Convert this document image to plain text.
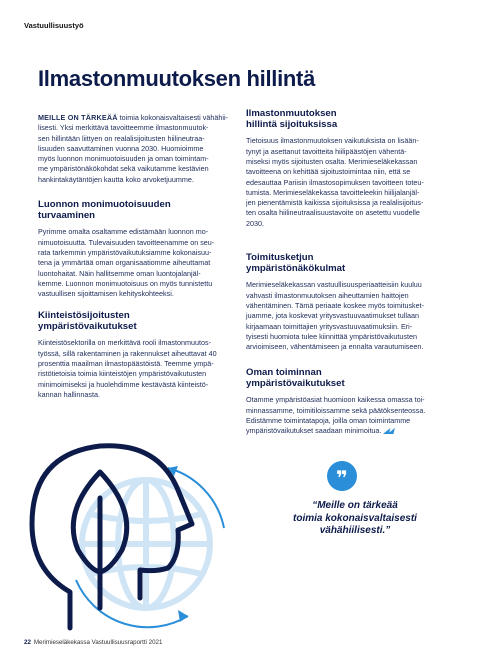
Vastuullisuustyö
Ilmastonmuutoksen hillintä

MEILLE ON TÄRKEÄÄ toimia kokonaisvaltaisesti vähähii-
lisesti. Yksi merkittävä tavoitteemme ilmastonmuutok-
sen hillintään liittyen on realalisijoitusten hiilineutraa-
lisuuden saavuttaminen vuonna 2030. Huomioimme
myös luonnon monimuotoisuuden ja oman toimintam-
me ympäristönäkökohdat sekä vaikutamme kestävien
hankintakäytäntöjen kautta koko arvoketjuumme.

Luonnon monimuotoisuuden
turvaaminen

Pyrimme omalta osaltamme edistämään luonnon mo-
nimuotoisuutta. Tulevaisuuden tavoitteenamme on seu-
rata tarkemmin ympäristövaikutuksiamme kokonaisuu-
tena ja ymmärtää oman organisaatiomme aiheuttamat
luontohaitat. Näin hallitsemme oman luontojalanjäl-
kemme. Luonnon monimuotoisuus on myös tunnistettu
vastuullisen sijoittamisen kehityskohteeksi.

Kiinteistösijoitusten
ympäristövaikutukset

Kiinteistösektorilla on merkittävä rooli ilmastonmuutos-
työssä, sillä rakentaminen ja rakennukset aiheuttavat 40
prosenttia maailman ilmastopäästöistä. Teemme ympä-
ristötietoisia toimia kiinteistöjen ympäristövaikutusten
minimoimiseksi ja huolehdimme kestävästä kiinteistö-
kannan hallinnasta.

Ilmastonmuutoksen
hillintä sijoituksissa

Tietoisuus ilmastonmuutoksen vaikutuksista on lisään-
tynyt ja asettanut tavoitteita hiilipäästöjen vähentä-
miseksi myös sijoitusten osalta. Merimieseläkekassan
tavoitteena on kehittää sijoitustoimintaa niin, että se
edesauttaa Pariisin ilmastosopimuksen tavoitteen toteu-
tumista. Merimieseläkekassa tavoitteleekin hiilijalanjäl-
jen pienentämistä kaikissa sijoituksissa ja realalisijoitus-
ten osalta hiilineutraalisuustavoite on asetettu vuodelle
2030.

Toimitusketjun
ympäristönäkökulmat

Merimieseläkekassan vastuullisuusperiaatteisiin kuuluu
vahvasti ilmastonmuutoksen aiheuttamien haittojen
vähentäminen. Tämä periaate koskee myös toimitusket-
juamme, jota koskevat yritysvastuuvaatimukset tullaan
kirjaamaan toimittajien yritysvastuuvaatimuksiin. Eri-
tyisesti huomiota tulee kiinnittää ympäristövaikutusten
arvioimiseen, vähentämiseen ja ennalta varautumiseen.

Oman toiminnan
ympäristövaikutukset

Otamme ympäristöasiat huomioon kaikessa omassa toi-
minnassamme, toimitiloissamme sekä päätöksenteossa.
Edistämme toimintatapoja, joilla oman toimintamme
ympäristövaikutukset saadaan minimoitua. ◢◢

❞
“Meille on tärkeää
toimia kokonaisvaltaisesti
vähähiilisesti.”
22 Merimieseläkekassa Vastuullisuusraportti 2021
